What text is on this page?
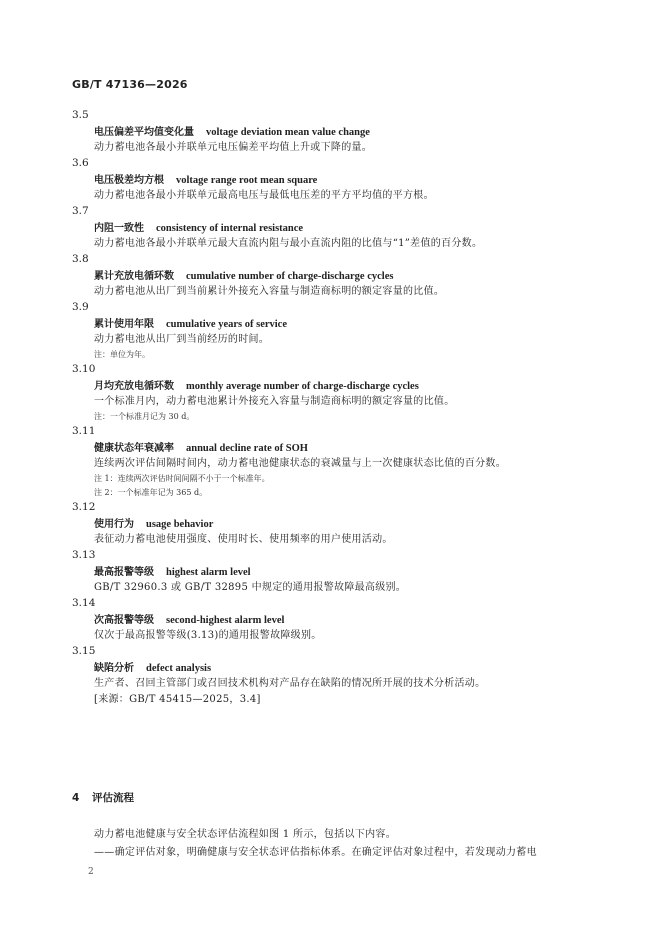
GB/T 47136—2026
3.5
电压偏差平均值变化量 voltage deviation mean value change
动力蓄电池各最小并联单元电压偏差平均值上升或下降的量。
3.6
电压极差均方根 voltage range root mean square
动力蓄电池各最小并联单元最高电压与最低电压差的平方平均值的平方根。
3.7
内阻一致性 consistency of internal resistance
动力蓄电池各最小并联单元最大直流内阻与最小直流内阻的比值与“1”差值的百分数。
3.8
累计充放电循环数 cumulative number of charge-discharge cycles
动力蓄电池从出厂到当前累计外接充入容量与制造商标明的额定容量的比值。
3.9
累计使用年限 cumulative years of service
动力蓄电池从出厂到当前经历的时间。
注：单位为年。
3.10
月均充放电循环数 monthly average number of charge-discharge cycles
一个标准月内，动力蓄电池累计外接充入容量与制造商标明的额定容量的比值。
注：一个标准月记为 30 d。
3.11
健康状态年衰减率 annual decline rate of SOH
连续两次评估间隔时间内，动力蓄电池健康状态的衰减量与上一次健康状态比值的百分数。
注 1：连续两次评估时间间隔不小于一个标准年。
注 2：一个标准年记为 365 d。
3.12
使用行为 usage behavior
表征动力蓄电池使用强度、使用时长、使用频率的用户使用活动。
3.13
最高报警等级 highest alarm level
GB/T 32960.3 或 GB/T 32895 中规定的通用报警故障最高级别。
3.14
次高报警等级 second-highest alarm level
仅次于最高报警等级(3.13)的通用报警故障级别。
3.15
缺陷分析 defect analysis
生产者、召回主管部门或召回技术机构对产品存在缺陷的情况所开展的技术分析活动。
[来源：GB/T 45415—2025，3.4]
4 评估流程
动力蓄电池健康与安全状态评估流程如图 1 所示，包括以下内容。
——确定评估对象，明确健康与安全状态评估指标体系。在确定评估对象过程中，若发现动力蓄电
2
